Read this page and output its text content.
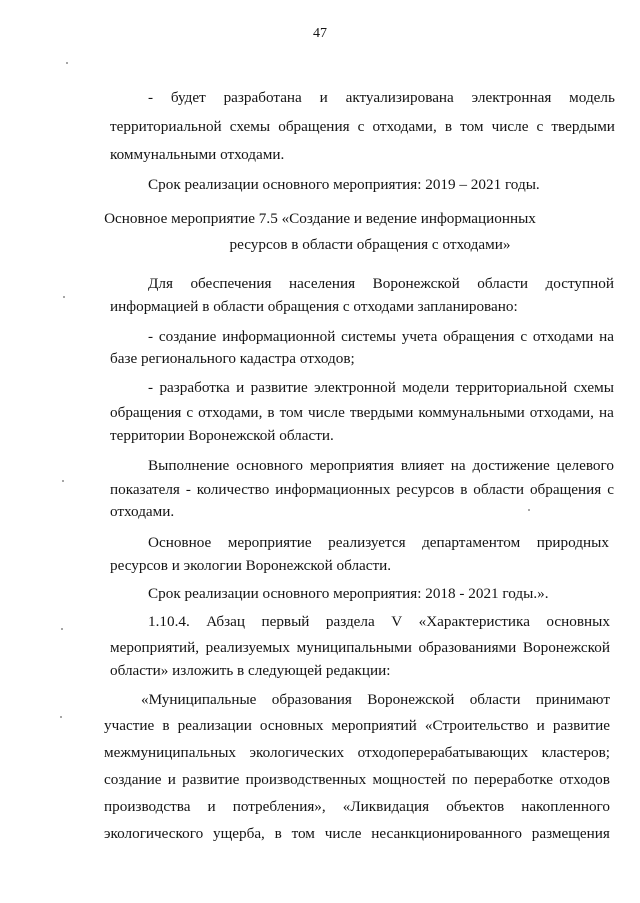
47
- будет разработана и актуализирована электронная модель
территориальной схемы обращения с отходами, в том числе с твердыми
коммунальными отходами.
Срок реализации основного мероприятия: 2019 – 2021 годы.
Основное мероприятие 7.5 «Создание и ведение информационных
ресурсов в области обращения с отходами»
Для обеспечения населения Воронежской области доступной
информацией в области обращения с отходами запланировано:
- создание информационной системы учета обращения с отходами на
базе регионального кадастра отходов;
- разработка и развитие электронной модели территориальной схемы
обращения с отходами, в том числе твердыми коммунальными отходами, на
территории Воронежской области.
Выполнение основного мероприятия влияет на достижение целевого
показателя - количество информационных ресурсов в области обращения с
отходами.
Основное мероприятие реализуется департаментом природных
ресурсов и экологии Воронежской области.
Срок реализации основного мероприятия: 2018 - 2021 годы.».
1.10.4. Абзац первый раздела V «Характеристика основных
мероприятий, реализуемых муниципальными образованиями Воронежской
области» изложить в следующей редакции:
«Муниципальные образования Воронежской области принимают
участие в реализации основных мероприятий «Строительство и развитие
межмуниципальных экологических отходоперерабатывающих кластеров;
создание и развитие производственных мощностей по переработке отходов
производства и потребления», «Ликвидация объектов накопленного
экологического ущерба, в том числе несанкционированного размещения
